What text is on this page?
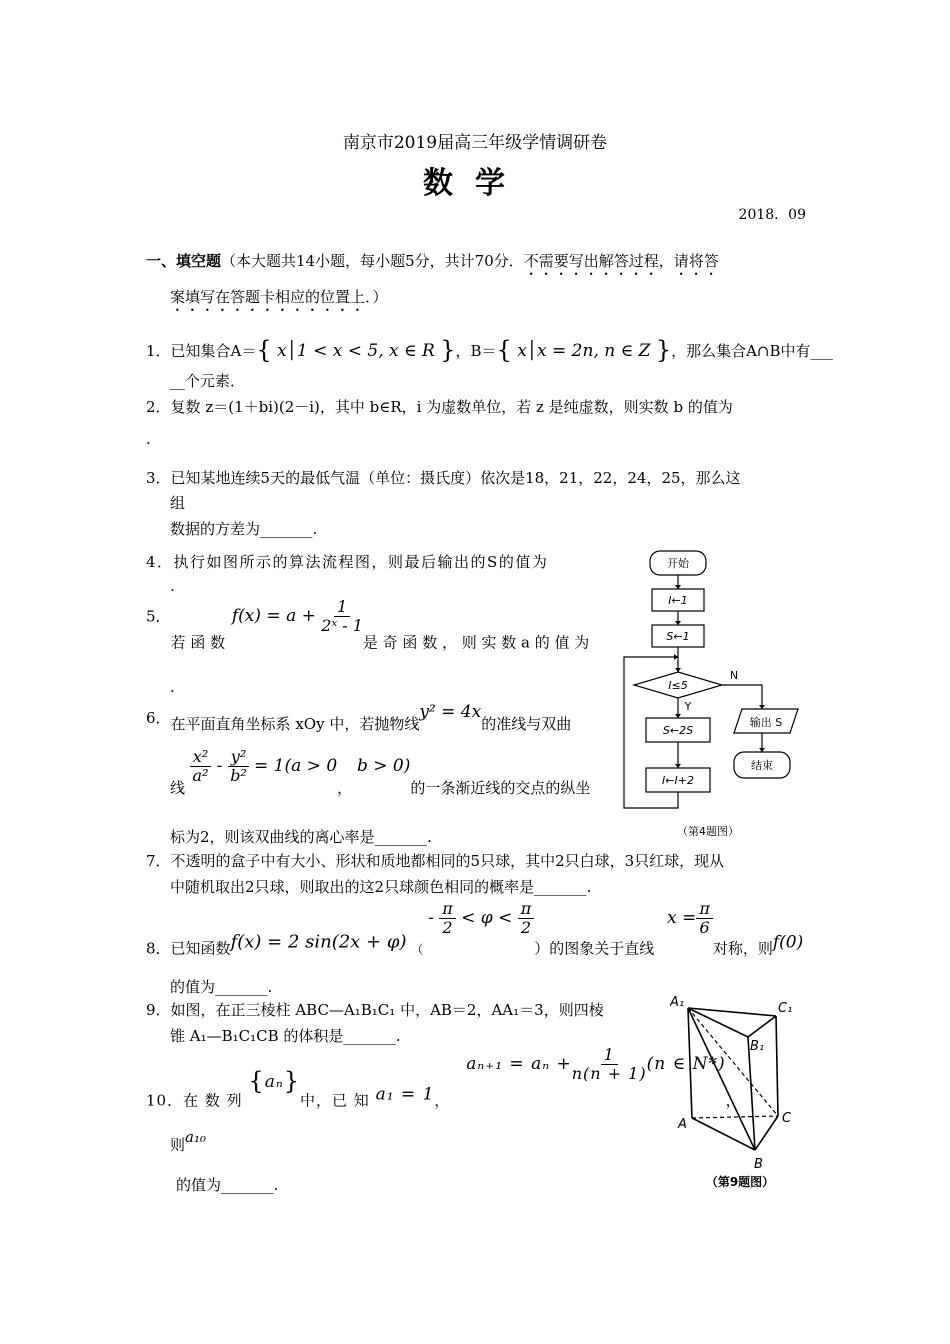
南京市2019届高三年级学情调研卷
数学
2018．09
一、填空题（本大题共14小题，每小题5分，共计70分． 不需要写出解答过程，请将答
案填写在答题卡相应的位置上．）
1．已知集合A＝{ x│1 < x < 5, x ∈ R }，B＝{ x│x = 2n, n ∈ Z }，那么集合A∩B中有___
__个元素．
2．复数 z＝(1＋bi)(2－i)，其中 b∈R，i 为虚数单位，若 z 是纯虚数，则实数 b 的值为
.
3．已知某地连续5天的最低气温（单位：摄氏度）依次是18，21，22，24，25，那么这
组
数据的方差为_______.
4．执行如图所示的算法流程图，则最后输出的S的值为
.
5．若 函 数 $f(x) = a + \frac{1}{\text{2ˣ - 1}}$
是 奇 函 数 ， 则 实 数 a 的 值 为
.
6．在平面直角坐标系 xOy 中，若抛物线y² = 4x的准线与双曲
线
$\frac{\text{x²}}{\text{a²}} - \frac{\text{y²}}{\text{b²}} = 1(a > 0$， b > 0)的一条渐近线的交点的纵坐
标为2，则该双曲线的离心率是_______.
7．不透明的盒子中有大小、形状和质地都相同的5只球，其中2只白球，3只红球，现从
中随机取出2只球，则取出的这2只球颜色相同的概率是_______.
8．已知函数f(x) = 2 sin(2x + φ) $_( - \frac{\pi}{2} < \varphi < \frac{\pi}{2}$
）的图象关于直线 $x = \frac{\pi}{6}$
对称，则f(0)
的值为_______.
9．如图，在正三棱柱 ABC—A₁B₁C₁ 中，AB＝2，AA₁＝3，则四棱
锥 A₁—B₁C₁CB 的体积是_______.
10．在 数 列 {aₙ}中，已 知 a₁ = 1， $a_{n+1} = a_n + \frac{1}{n(n + 1)} (n$ ∈ N*)，
则a₁₀
的值为_______.
开始
I←1
S←1
I≤5
Y
N
S←2S
I←I+2
输出 S
结束
（第4题图）
A₁	C₁
B₁
A	C
B
（第9题图）
